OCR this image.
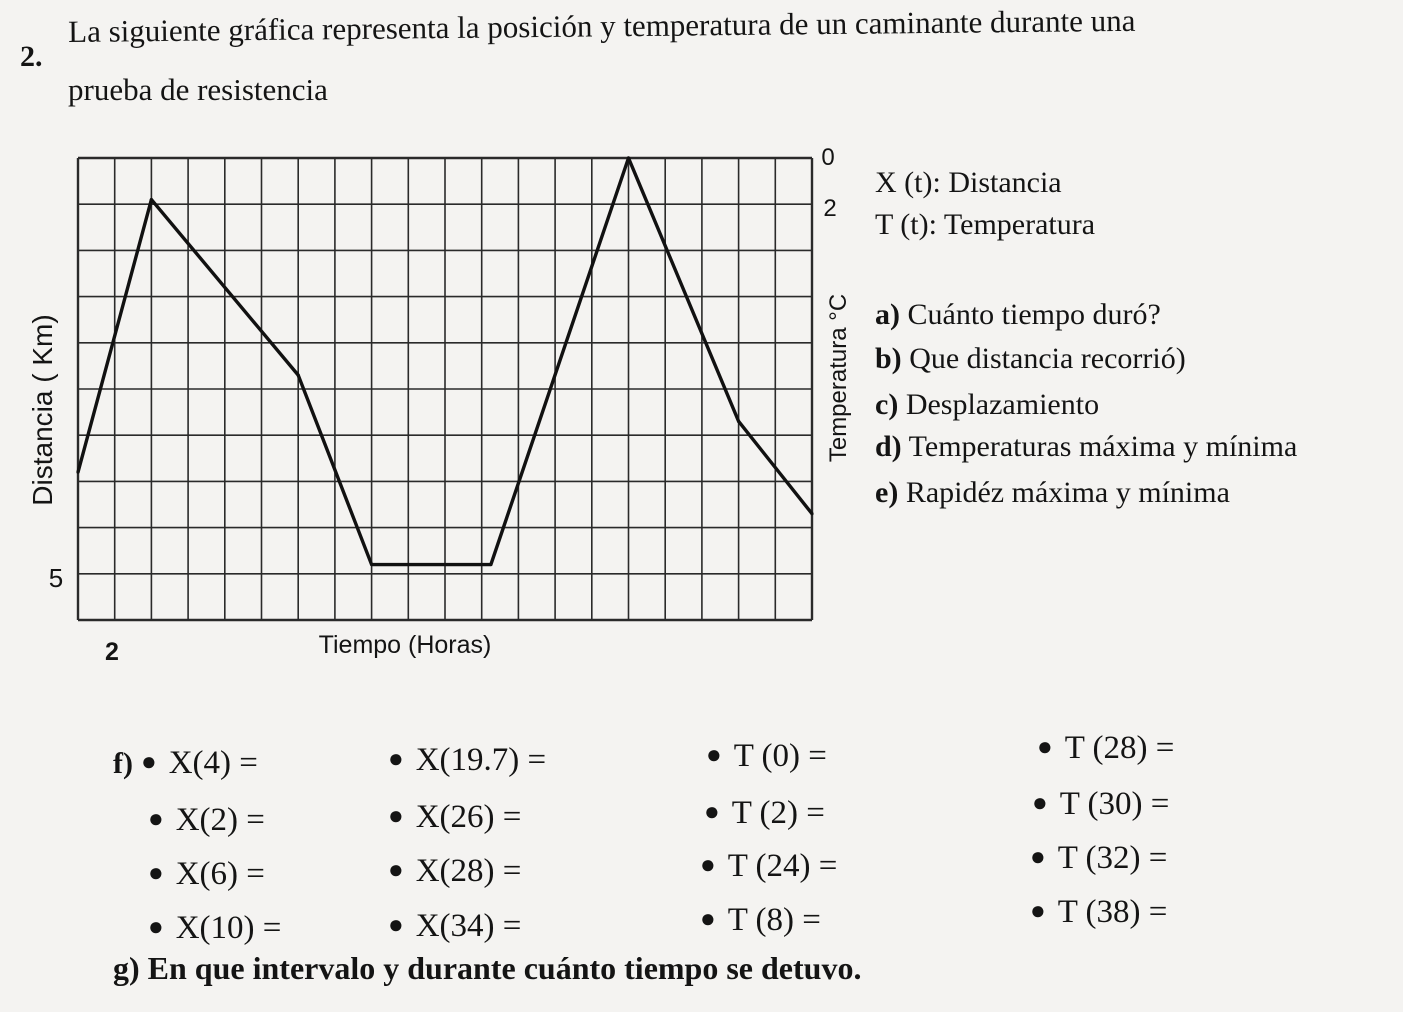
2.
La siguiente gráfica representa la posición y temperatura de un caminante durante una
prueba de resistencia
Tiempo (Horas)
2
5
Distancia ( Km)
0
2
Temperatura °C
X (t): Distancia
T (t): Temperatura
a) Cuánto tiempo duró?
b) Que distancia recorrió)
c) Desplazamiento
d) Temperaturas máxima y mínima
e) Rapidéz máxima y mínima
f) ● X(4) =	● X(19.7) =	● T (0) =	● T (28) =
● X(2) =	● X(26) =	● T (2) =	● T (30) =
● X(6) =	● X(28) =	● T (24) =	● T (32) =
● X(10) =	● X(34) =	● T (8) =	● T (38) =
g) En que intervalo y durante cuánto tiempo se detuvo.
